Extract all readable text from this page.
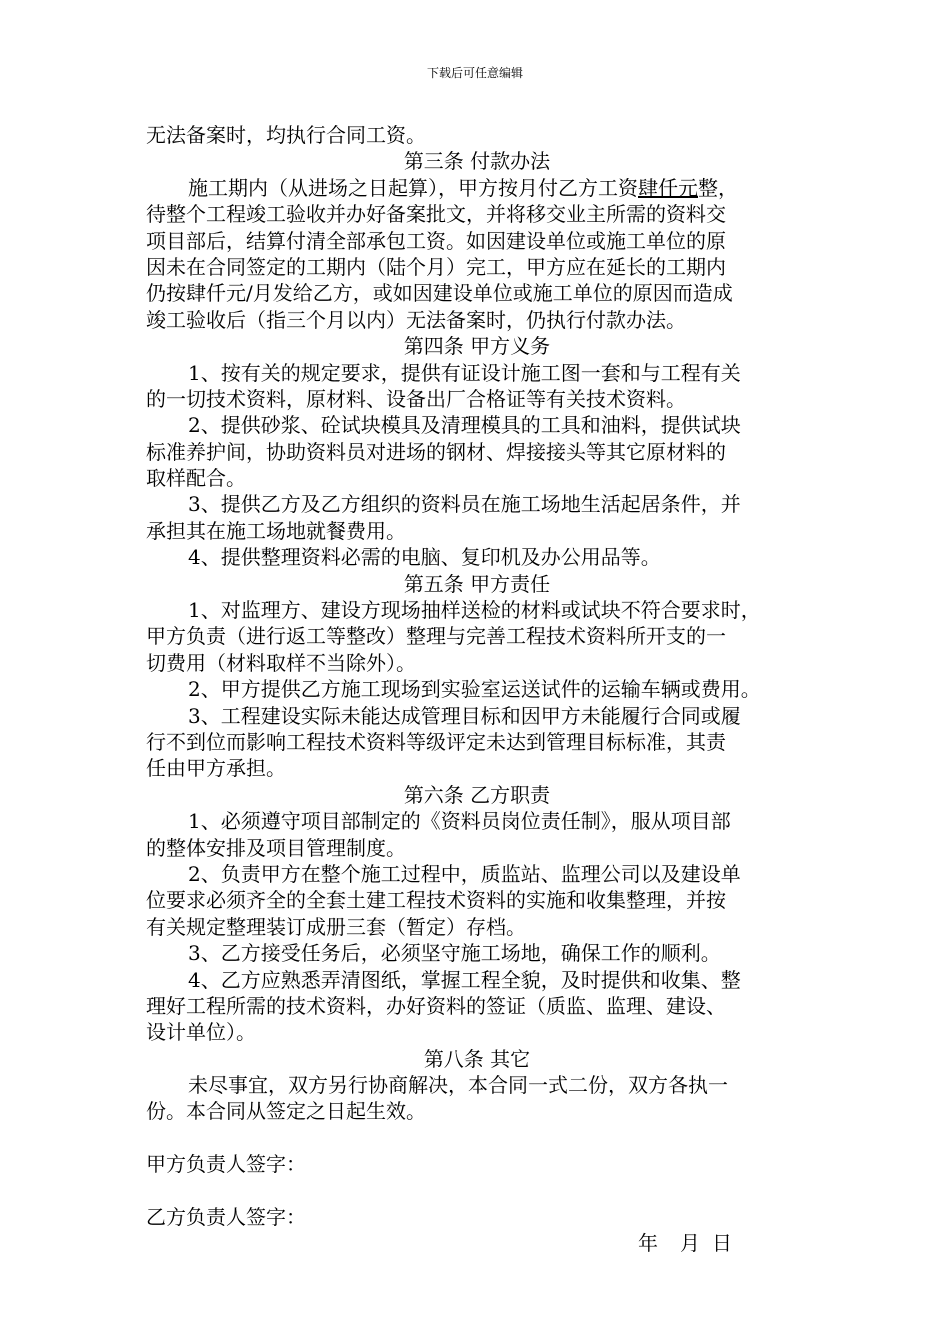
下载后可任意编辑
无法备案时，均执行合同工资。
第三条 付款办法
施工期内（从进场之日起算），甲方按月付乙方工资肆仟元整，
待整个工程竣工验收并办好备案批文，并将移交业主所需的资料交
项目部后，结算付清全部承包工资。如因建设单位或施工单位的原
因未在合同签定的工期内（陆个月）完工，甲方应在延长的工期内
仍按肆仟元/月发给乙方，或如因建设单位或施工单位的原因而造成
竣工验收后（指三个月以内）无法备案时，仍执行付款办法。
第四条 甲方义务
1、按有关的规定要求，提供有证设计施工图一套和与工程有关
的一切技术资料，原材料、设备出厂合格证等有关技术资料。
2、提供砂浆、砼试块模具及清理模具的工具和油料，提供试块
标准养护间，协助资料员对进场的钢材、焊接接头等其它原材料的
取样配合。
3、提供乙方及乙方组织的资料员在施工场地生活起居条件，并
承担其在施工场地就餐费用。
4、提供整理资料必需的电脑、复印机及办公用品等。
第五条 甲方责任
1、对监理方、建设方现场抽样送检的材料或试块不符合要求时，
甲方负责（进行返工等整改）整理与完善工程技术资料所开支的一
切费用（材料取样不当除外）。
2、甲方提供乙方施工现场到实验室运送试件的运输车辆或费用。
3、工程建设实际未能达成管理目标和因甲方未能履行合同或履
行不到位而影响工程技术资料等级评定未达到管理目标标准，其责
任由甲方承担。
第六条 乙方职责
1、必须遵守项目部制定的《资料员岗位责任制》，服从项目部
的整体安排及项目管理制度。
2、负责甲方在整个施工过程中，质监站、监理公司以及建设单
位要求必须齐全的全套土建工程技术资料的实施和收集整理，并按
有关规定整理装订成册三套（暂定）存档。
3、乙方接受任务后，必须坚守施工场地，确保工作的顺利。
4、乙方应熟悉弄清图纸，掌握工程全貌，及时提供和收集、整
理好工程所需的技术资料，办好资料的签证（质监、监理、建设、
设计单位）。
第八条 其它
未尽事宜，双方另行协商解决，本合同一式二份，双方各执一
份。本合同从签定之日起生效。
甲方负责人签字：
乙方负责人签字：
年 月 日
